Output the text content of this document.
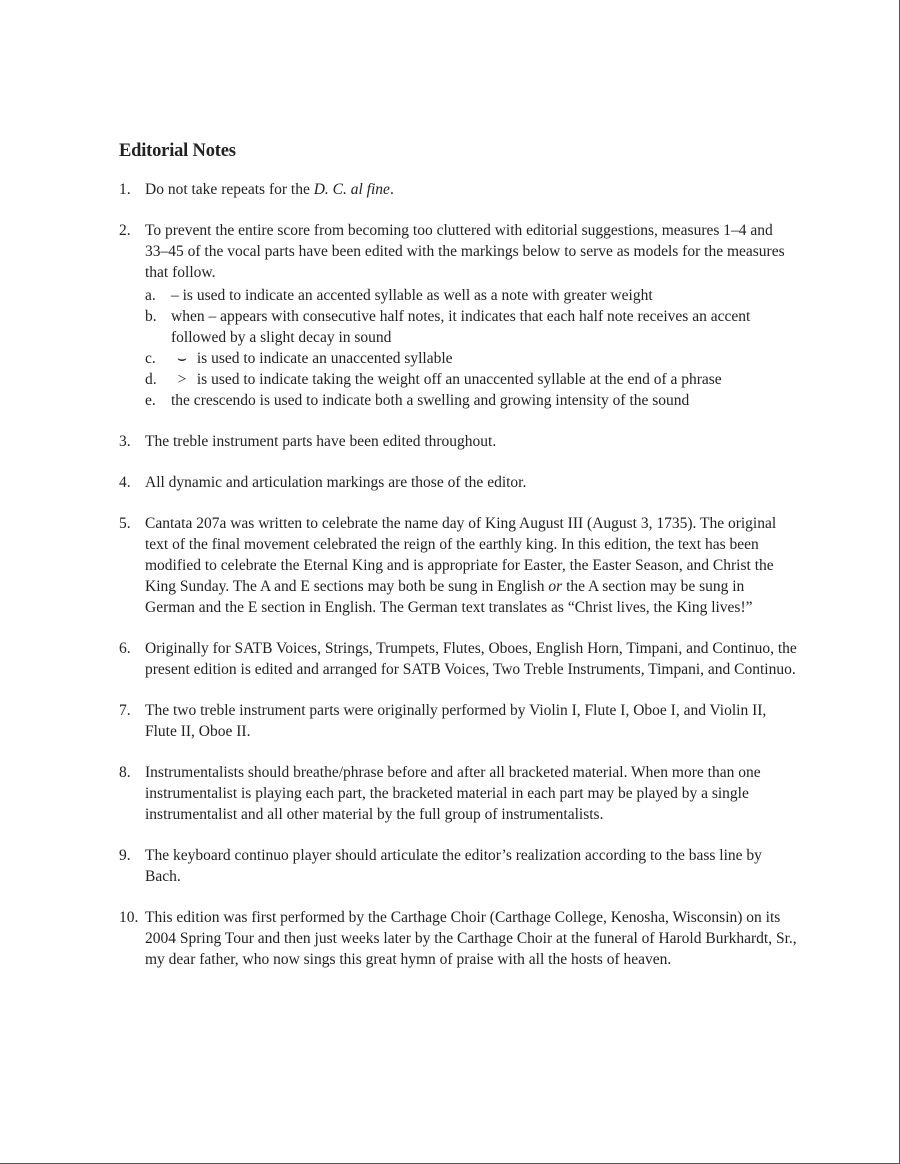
Editorial Notes
1. Do not take repeats for the D. C. al fine.
2. To prevent the entire score from becoming too cluttered with editorial suggestions, measures 1–4 and 33–45 of the vocal parts have been edited with the markings below to serve as models for the measures that follow.
a. – is used to indicate an accented syllable as well as a note with greater weight
b. when – appears with consecutive half notes, it indicates that each half note receives an accent followed by a slight decay in sound
c.	⌣ is used to indicate an unaccented syllable
d.	> is used to indicate taking the weight off an unaccented syllable at the end of a phrase
e. the crescendo is used to indicate both a swelling and growing intensity of the sound
3. The treble instrument parts have been edited throughout.
4. All dynamic and articulation markings are those of the editor.
5. Cantata 207a was written to celebrate the name day of King August III (August 3, 1735). The original text of the final movement celebrated the reign of the earthly king. In this edition, the text has been modified to celebrate the Eternal King and is appropriate for Easter, the Easter Season, and Christ the King Sunday. The A and E sections may both be sung in English or the A section may be sung in German and the E section in English. The German text translates as “Christ lives, the King lives!”
6. Originally for SATB Voices, Strings, Trumpets, Flutes, Oboes, English Horn, Timpani, and Continuo, the present edition is edited and arranged for SATB Voices, Two Treble Instruments, Timpani, and Continuo.
7. The two treble instrument parts were originally performed by Violin I, Flute I, Oboe I, and Violin II, Flute II, Oboe II.
8. Instrumentalists should breathe/phrase before and after all bracketed material. When more than one instrumentalist is playing each part, the bracketed material in each part may be played by a single instrumentalist and all other material by the full group of instrumentalists.
9. The keyboard continuo player should articulate the editor’s realization according to the bass line by Bach.
10. This edition was first performed by the Carthage Choir (Carthage College, Kenosha, Wisconsin) on its 2004 Spring Tour and then just weeks later by the Carthage Choir at the funeral of Harold Burkhardt, Sr., my dear father, who now sings this great hymn of praise with all the hosts of heaven.
